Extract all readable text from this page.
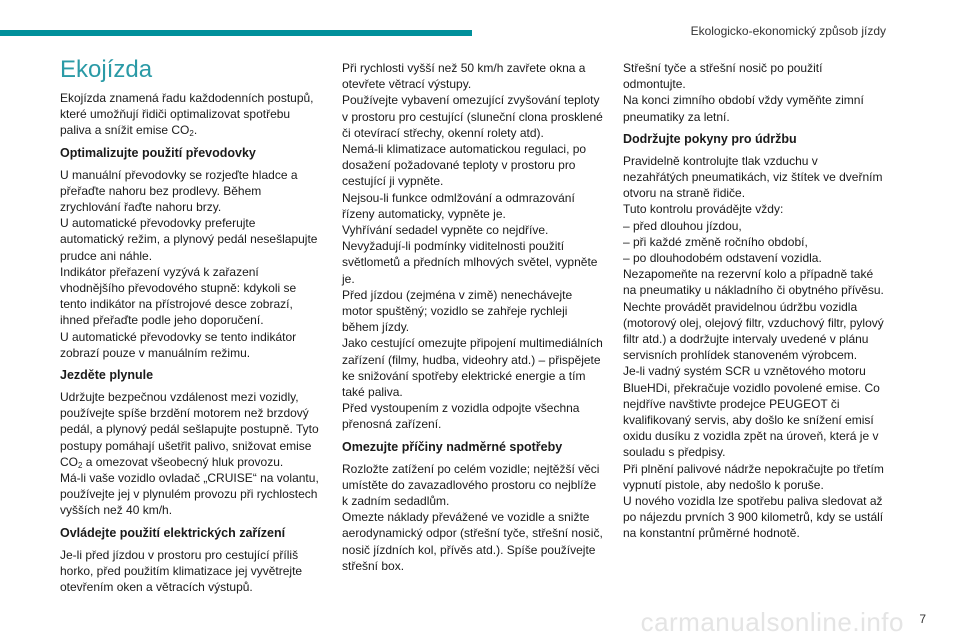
Ekologicko-ekonomický způsob jízdy
Ekojízda

Ekojízda znamená řadu každodenních postupů, které umožňují řidiči optimalizovat spotřebu paliva a snížit emise $CO_2$.

Optimalizujte použití převodovky

U manuální převodovky se rozjeďte hladce a přeřaďte nahoru bez prodlevy. Během zrychlování řaďte nahoru brzy.
U automatické převodovky preferujte automatický režim, a plynový pedál nesešlapujte prudce ani náhle.
Indikátor přeřazení vyzývá k zařazení vhodnějšího převodového stupně: kdykoli se tento indikátor na přístrojové desce zobrazí, ihned přeřaďte podle jeho doporučení.
U automatické převodovky se tento indikátor zobrazí pouze v manuálním režimu.

Jezděte plynule

Udržujte bezpečnou vzdálenost mezi vozidly, používejte spíše brzdění motorem než brzdový pedál, a plynový pedál sešlapujte postupně. Tyto postupy pomáhají ušetřit palivo, snižovat emise $CO_2$ a omezovat všeobecný hluk provozu.
Má-li vaše vozidlo ovladač „CRUISE“ na volantu, používejte jej v plynulém provozu při rychlostech vyšších než 40 km/h.

Ovládejte použití elektrických zařízení

Je-li před jízdou v prostoru pro cestující příliš horko, před použitím klimatizace jej vyvětrejte otevřením oken a větracích výstupů.

Při rychlosti vyšší než 50 km/h zavřete okna a otevřete větrací výstupy.
Používejte vybavení omezující zvyšování teploty v prostoru pro cestující (sluneční clona prosklené či otevírací střechy, okenní rolety atd).
Nemá-li klimatizace automatickou regulaci, po dosažení požadované teploty v prostoru pro cestující ji vypněte.
Nejsou-li funkce odmlžování a odmrazování řízeny automaticky, vypněte je.
Vyhřívání sedadel vypněte co nejdříve.
Nevyžadují-li podmínky viditelnosti použití světlometů a předních mlhových světel, vypněte je.
Před jízdou (zejména v zimě) nenechávejte motor spuštěný; vozidlo se zahřeje rychleji během jízdy.
Jako cestující omezujte připojení multimediálních zařízení (filmy, hudba, videohry atd.) – přispějete ke snižování spotřeby elektrické energie a tím také paliva.
Před vystoupením z vozidla odpojte všechna přenosná zařízení.

Omezujte příčiny nadměrné spotřeby

Rozložte zatížení po celém vozidle; nejtěžší věci umístěte do zavazadlového prostoru co nejblíže k zadním sedadlům.
Omezte náklady převážené ve vozidle a snižte aerodynamický odpor (střešní tyče, střešní nosič, nosič jízdních kol, přívěs atd.). Spíše používejte střešní box.

Střešní tyče a střešní nosič po použití odmontujte.
Na konci zimního období vždy vyměňte zimní pneumatiky za letní.

Dodržujte pokyny pro údržbu

Pravidelně kontrolujte tlak vzduchu v nezahřátých pneumatikách, viz štítek ve dveřním otvoru na straně řidiče.
Tuto kontrolu provádějte vždy:
– před dlouhou jízdou,
– při každé změně ročního období,
– po dlouhodobém odstavení vozidla.
Nezapomeňte na rezervní kolo a případně také na pneumatiky u nákladního či obytného přívěsu.
Nechte provádět pravidelnou údržbu vozidla (motorový olej, olejový filtr, vzduchový filtr, pylový filtr atd.) a dodržujte intervaly uvedené v plánu servisních prohlídek stanoveném výrobcem.
Je-li vadný systém SCR u vznětového motoru BlueHDi, překračuje vozidlo povolené emise. Co nejdříve navštivte prodejce PEUGEOT či kvalifikovaný servis, aby došlo ke snížení emisí oxidu dusíku z vozidla zpět na úroveň, která je v souladu s předpisy.
Při plnění palivové nádrže nepokračujte po třetím vypnutí pistole, aby nedošlo k poruše.
U nového vozidla lze spotřebu paliva sledovat až po nájezdu prvních 3 900 kilometrů, kdy se ustálí na konstantní průměrné hodnotě.

carmanualsonline.info 7
